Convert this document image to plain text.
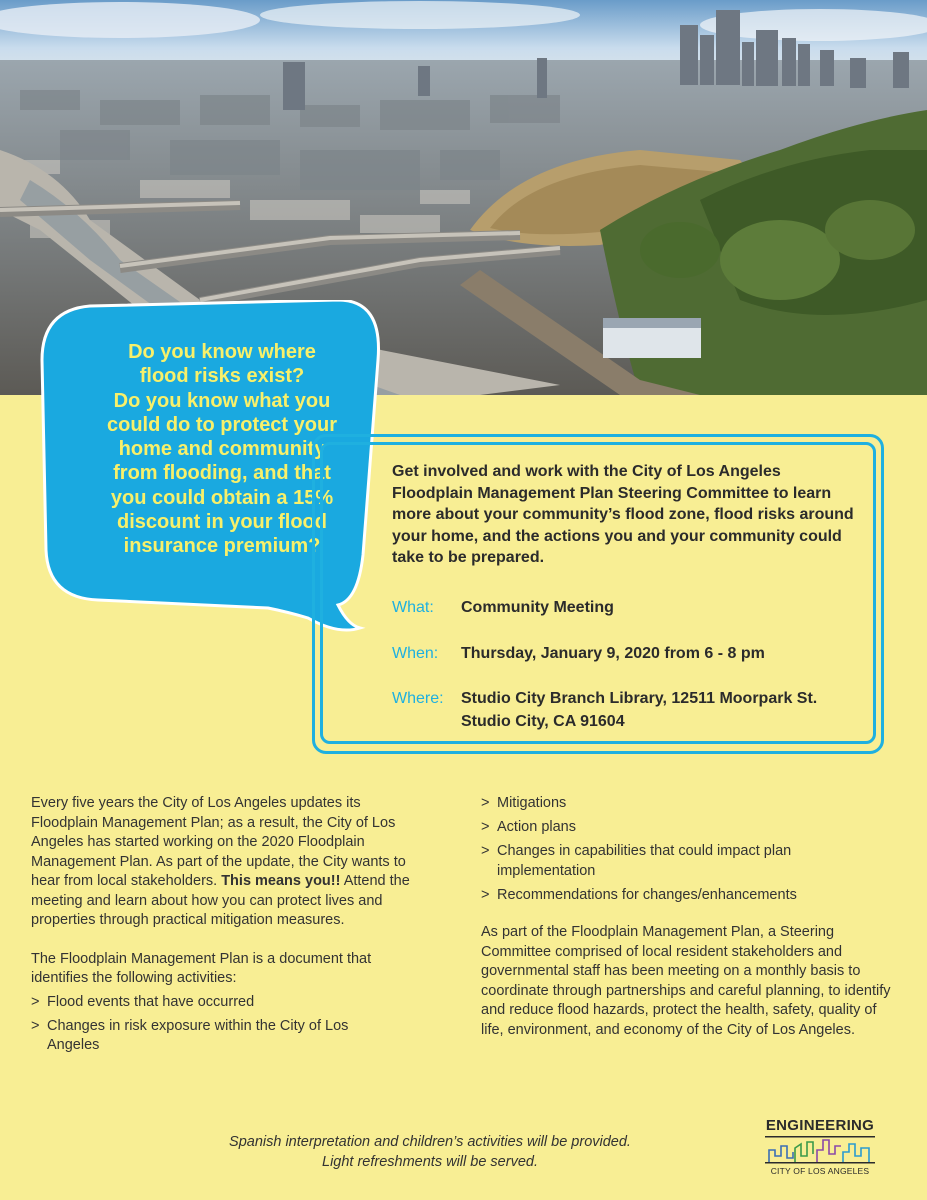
Do you know where

flood risks exist?

Do you know what you

could do to protect your

home and community

from flooding, and that

you could obtain a 15%

discount in your flood

insurance premium?

Get involved and work with the City of Los Angeles Floodplain Management Plan Steering Committee to learn more about your community’s flood zone, flood risks around your home, and the actions you and your community could take to be prepared.

What:	Community Meeting
When:	Thursday, January 9, 2020 from 6 - 8 pm
Where:	Studio City Branch Library, 12511 Moorpark St.
Studio City, CA 91604

Every five years the City of Los Angeles updates its Floodplain Management Plan; as a result, the City of Los Angeles has started working on the 2020 Floodplain Management Plan. As part of the update, the City wants to hear from local stakeholders. This means you!! Attend the meeting and learn about how you can protect lives and properties through practical mitigation measures.

The Floodplain Management Plan is a document that identifies the following activities:

> Flood events that have occurred
> Changes in risk exposure within the City of Los Angeles
> Mitigations
> Action plans
> Changes in capabilities that could impact plan implementation
> Recommendations for changes/enhancements

As part of the Floodplain Management Plan, a Steering Committee comprised of local resident stakeholders and governmental staff has been meeting on a monthly basis to coordinate through partnerships and careful planning, to identify and reduce flood hazards, protect the health, safety, quality of life, environment, and economy of the City of Los Angeles.

Spanish interpretation and children’s activities will be provided.
Light refreshments will be served.
ENGINEERING
CITY OF LOS ANGELES
